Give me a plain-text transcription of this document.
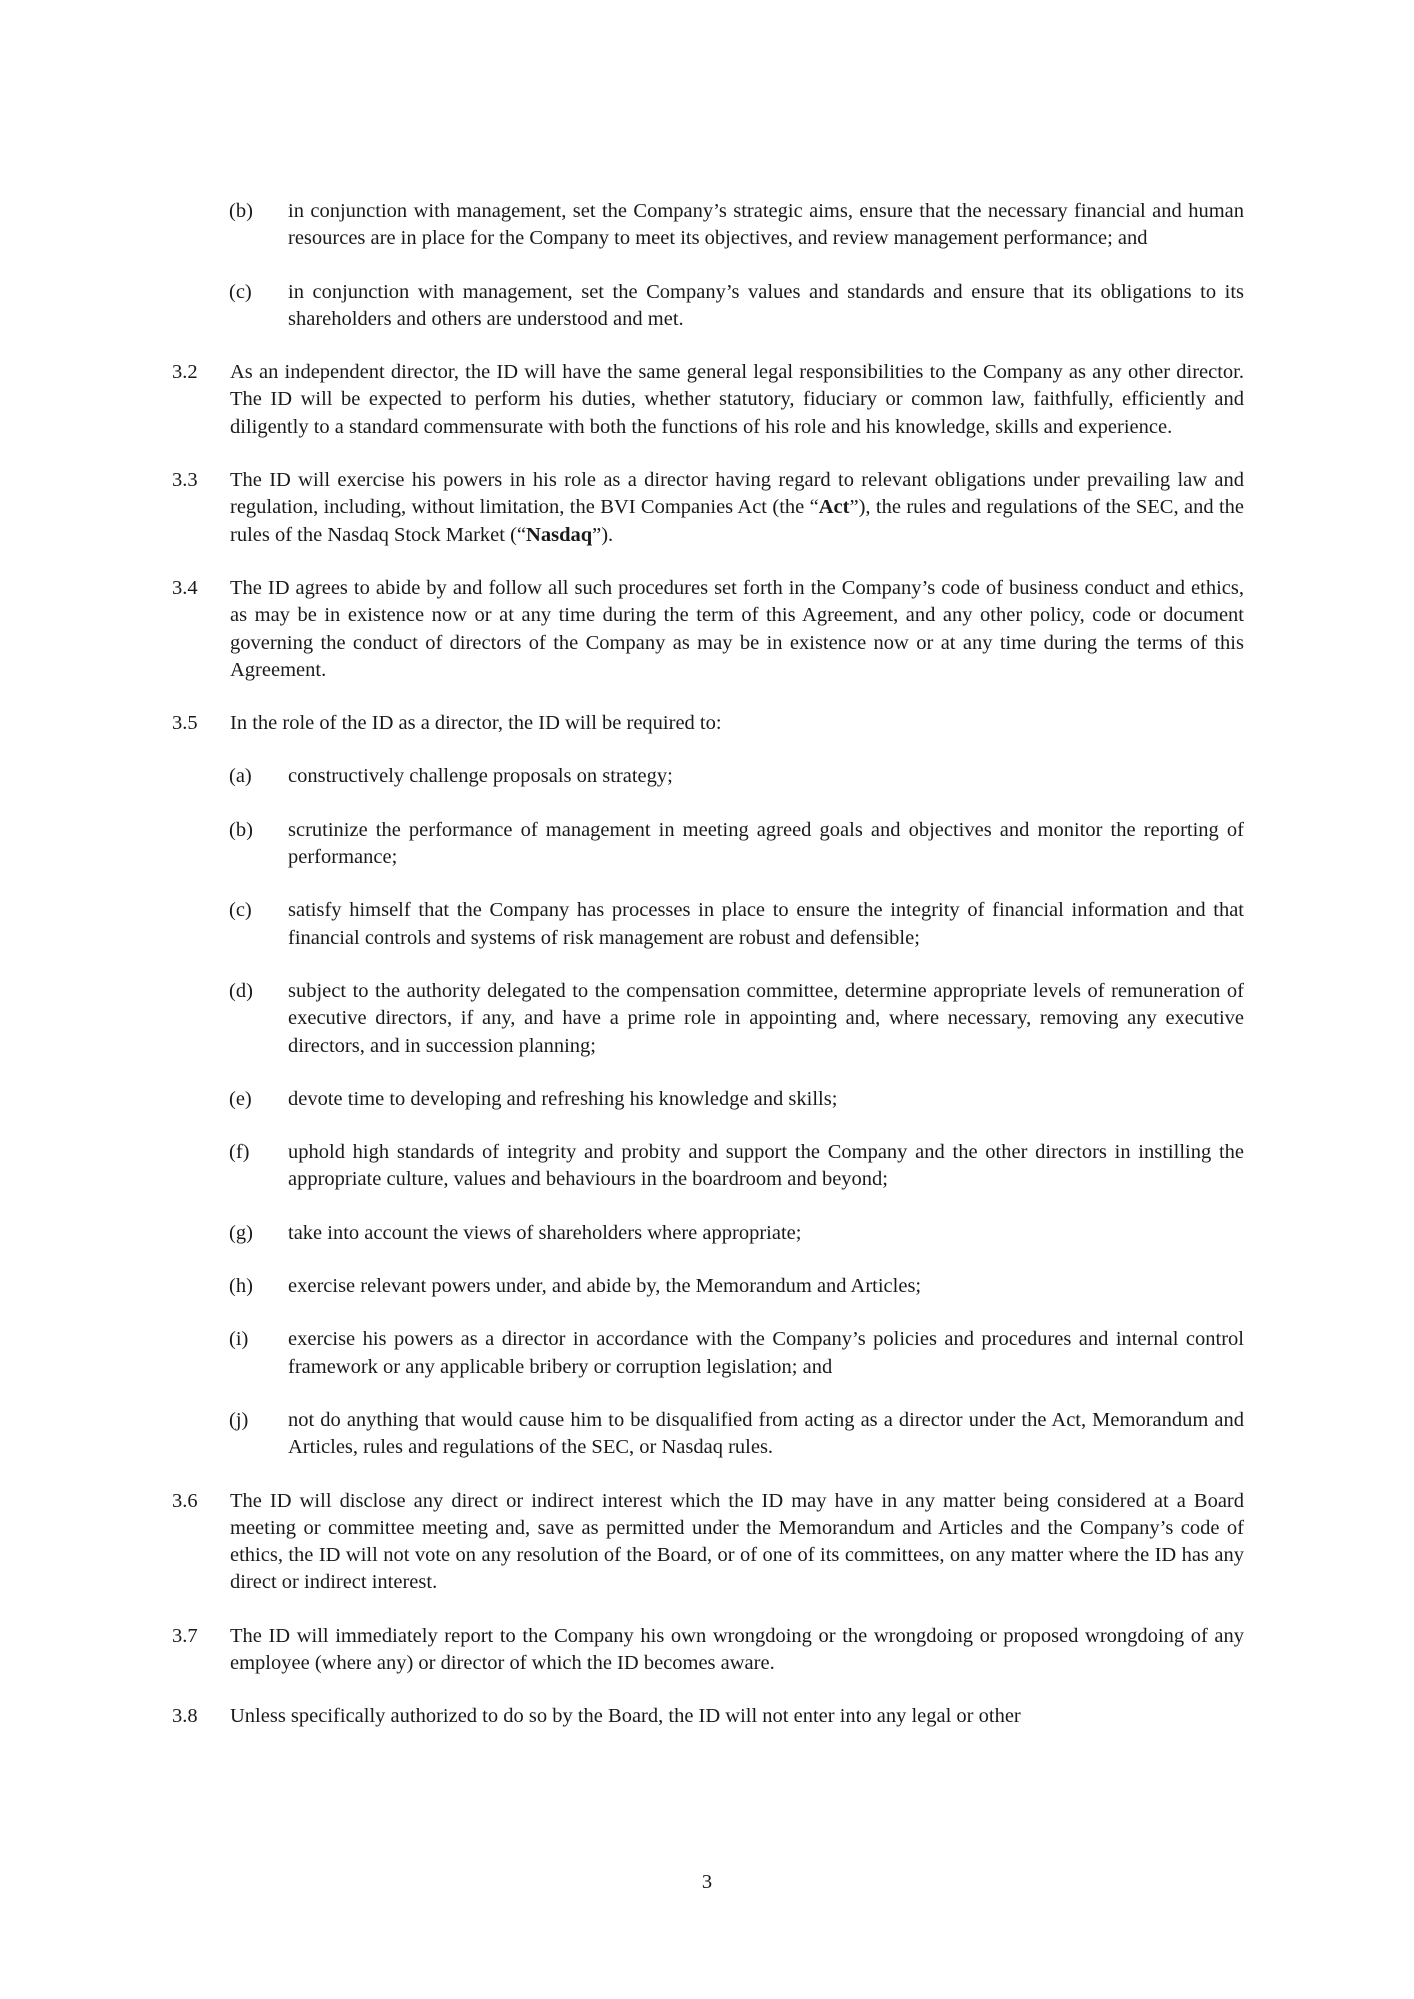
(b)	in conjunction with management, set the Company’s strategic aims, ensure that the necessary financial and human resources are in place for the Company to meet its objectives, and review management performance; and
(c)	in conjunction with management, set the Company’s values and standards and ensure that its obligations to its shareholders and others are understood and met.
3.2	As an independent director, the ID will have the same general legal responsibilities to the Company as any other director. The ID will be expected to perform his duties, whether statutory, fiduciary or common law, faithfully, efficiently and diligently to a standard commensurate with both the functions of his role and his knowledge, skills and experience.
3.3	The ID will exercise his powers in his role as a director having regard to relevant obligations under prevailing law and regulation, including, without limitation, the BVI Companies Act (the “Act”), the rules and regulations of the SEC, and the rules of the Nasdaq Stock Market (“Nasdaq”).
3.4	The ID agrees to abide by and follow all such procedures set forth in the Company’s code of business conduct and ethics, as may be in existence now or at any time during the term of this Agreement, and any other policy, code or document governing the conduct of directors of the Company as may be in existence now or at any time during the terms of this Agreement.
3.5	In the role of the ID as a director, the ID will be required to:
(a)	constructively challenge proposals on strategy;
(b)	scrutinize the performance of management in meeting agreed goals and objectives and monitor the reporting of performance;
(c)	satisfy himself that the Company has processes in place to ensure the integrity of financial information and that financial controls and systems of risk management are robust and defensible;
(d)	subject to the authority delegated to the compensation committee, determine appropriate levels of remuneration of executive directors, if any, and have a prime role in appointing and, where necessary, removing any executive directors, and in succession planning;
(e)	devote time to developing and refreshing his knowledge and skills;
(f)	uphold high standards of integrity and probity and support the Company and the other directors in instilling the appropriate culture, values and behaviours in the boardroom and beyond;
(g)	take into account the views of shareholders where appropriate;
(h)	exercise relevant powers under, and abide by, the Memorandum and Articles;
(i)	exercise his powers as a director in accordance with the Company’s policies and procedures and internal control framework or any applicable bribery or corruption legislation; and
(j)	not do anything that would cause him to be disqualified from acting as a director under the Act, Memorandum and Articles, rules and regulations of the SEC, or Nasdaq rules.
3.6	The ID will disclose any direct or indirect interest which the ID may have in any matter being considered at a Board meeting or committee meeting and, save as permitted under the Memorandum and Articles and the Company’s code of ethics, the ID will not vote on any resolution of the Board, or of one of its committees, on any matter where the ID has any direct or indirect interest.
3.7	The ID will immediately report to the Company his own wrongdoing or the wrongdoing or proposed wrongdoing of any employee (where any) or director of which the ID becomes aware.
3.8	Unless specifically authorized to do so by the Board, the ID will not enter into any legal or other
3
